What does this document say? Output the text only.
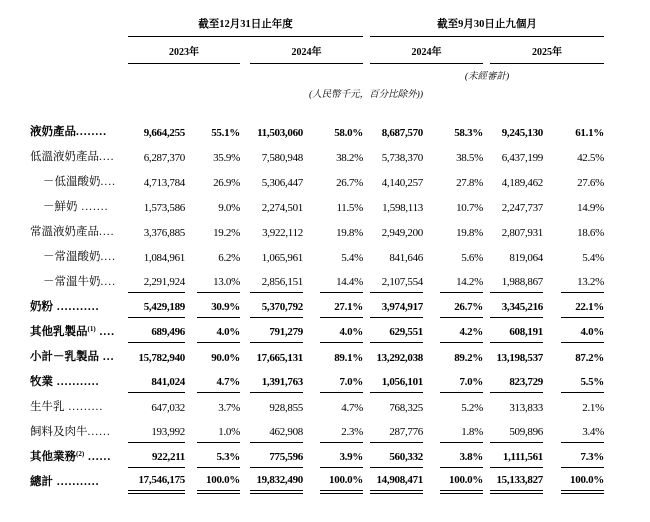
	截至12月31日止年度								截至9月30日止九個月						
	2023年				2024年				2024年				2025年		
									(未經審計)						
	(人民幣千元，百分比除外))														
液奶產品........	9,664,255		55.1%		11,503,060		58.0%		8,687,570		58.3%		9,245,130		61.1%
低溫液奶產品....	6,287,370		35.9%		7,580,948		38.2%		5,738,370		38.5%		6,437,199		42.5%
－低溫酸奶....	4,713,784		26.9%		5,306,447		26.7%		4,140,257		27.8%		4,189,462		27.6%
－鮮奶 .......	1,573,586		9.0%		2,274,501		11.5%		1,598,113		10.7%		2,247,737		14.9%
常溫液奶產品....	3,376,885		19.2%		3,922,112		19.8%		2,949,200		19.8%		2,807,931		18.6%
－常溫酸奶....	1,084,961		6.2%		1,065,961		5.4%		841,646		5.6%		819,064		5.4%
－常溫牛奶....	2,291,924		13.0%		2,856,151		14.4%		2,107,554		14.2%		1,988,867		13.2%
奶粉 ...........	5,429,189		30.9%		5,370,792		27.1%		3,974,917		26.7%		3,345,216		22.1%
其他乳製品$^{(1)}$ ....	689,496		4.0%		791,279		4.0%		629,551		4.2%		608,191		4.0%
小計－乳製品 ...	15,782,940		90.0%		17,665,131		89.1%		13,292,038		89.2%		13,198,537		87.2%
牧業 ...........	841,024		4.7%		1,391,763		7.0%		1,056,101		7.0%		823,729		5.5%
生牛乳 .........	647,032		3.7%		928,855		4.7%		768,325		5.2%		313,833		2.1%
飼料及肉牛......	193,992		1.0%		462,908		2.3%		287,776		1.8%		509,896		3.4%
其他業務$^{(2)}$ ......	922,211		5.3%		775,596		3.9%		560,332		3.8%		1,111,561		7.3%
總計 ...........	17,546,175		100.0%		19,832,490		100.0%		14,908,471		100.0%		15,133,827		100.0%
